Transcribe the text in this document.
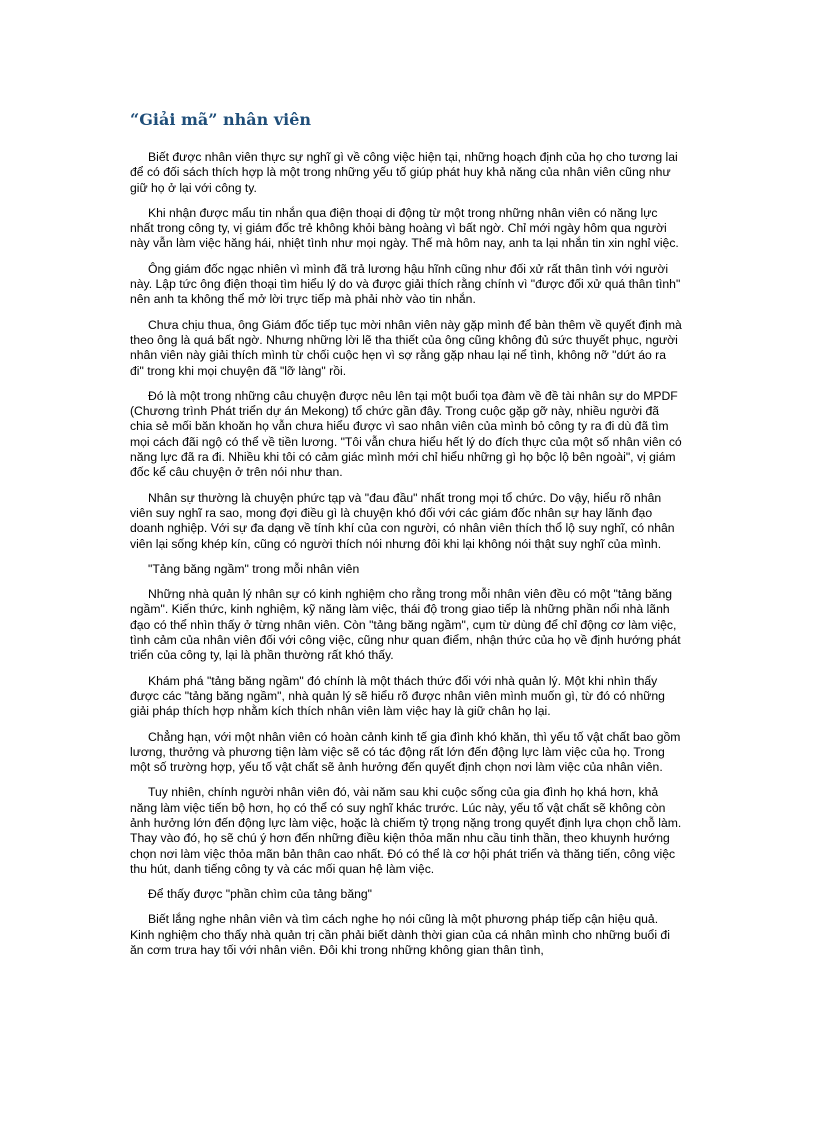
“Giải mã” nhân viên

Biết được nhân viên thực sự nghĩ gì về công việc hiện tại, những hoạch định của họ cho tương lai để có đối sách thích hợp là một trong những yếu tố giúp phát huy khả năng của nhân viên cũng như giữ họ ở lại với công ty.

Khi nhận được mẩu tin nhắn qua điện thoại di động từ một trong những nhân viên có năng lực nhất trong công ty, vị giám đốc trẻ không khỏi bàng hoàng vì bất ngờ. Chỉ mới ngày hôm qua người này vẫn làm việc hăng hái, nhiệt tình như mọi ngày. Thế mà hôm nay, anh ta lại nhắn tin xin nghỉ việc.

Ông giám đốc ngạc nhiên vì mình đã trả lương hậu hĩnh cũng như đối xử rất thân tình với người này. Lập tức ông điện thoại tìm hiểu lý do và được giải thích rằng chính vì "được đối xử quá thân tình" nên anh ta không thể mở lời trực tiếp mà phải nhờ vào tin nhắn.

Chưa chịu thua, ông Giám đốc tiếp tục mời nhân viên này gặp mình để bàn thêm về quyết định mà theo ông là quá bất ngờ. Nhưng những lời lẽ tha thiết của ông cũng không đủ sức thuyết phục, người nhân viên này giải thích mình từ chối cuộc hẹn vì sợ rằng gặp nhau lại nể tình, không nỡ "dứt áo ra đi" trong khi mọi chuyện đã "lỡ làng" rồi.

Đó là một trong những câu chuyện được nêu lên tại một buổi tọa đàm về đề tài nhân sự do MPDF (Chương trình Phát triển dự án Mekong) tổ chức gần đây. Trong cuộc gặp gỡ này, nhiều người đã chia sẻ mối băn khoăn họ vẫn chưa hiểu được vì sao nhân viên của mình bỏ công ty ra đi dù đã tìm mọi cách đãi ngộ có thể về tiền lương. "Tôi vẫn chưa hiểu hết lý do đích thực của một số nhân viên có năng lực đã ra đi. Nhiều khi tôi có cảm giác mình mới chỉ hiểu những gì họ bộc lộ bên ngoài", vị giám đốc kể câu chuyện ở trên nói như than.

Nhân sự thường là chuyện phức tạp và "đau đầu" nhất trong mọi tổ chức. Do vậy, hiểu rõ nhân viên suy nghĩ ra sao, mong đợi điều gì là chuyện khó đối với các giám đốc nhân sự hay lãnh đạo doanh nghiệp. Với sự đa dạng về tính khí của con người, có nhân viên thích thổ lộ suy nghĩ, có nhân viên lại sống khép kín, cũng có người thích nói nhưng đôi khi lại không nói thật suy nghĩ của mình.

"Tảng băng ngầm" trong mỗi nhân viên

Những nhà quản lý nhân sự có kinh nghiệm cho rằng trong mỗi nhân viên đều có một "tảng băng ngầm". Kiến thức, kinh nghiệm, kỹ năng làm việc, thái độ trong giao tiếp là những phần nổi nhà lãnh đạo có thể nhìn thấy ở từng nhân viên. Còn "tảng băng ngầm", cụm từ dùng để chỉ động cơ làm việc, tình cảm của nhân viên đối với công việc, cũng như quan điểm, nhận thức của họ về định hướng phát triển của công ty, lại là phần thường rất khó thấy.

Khám phá "tảng băng ngầm" đó chính là một thách thức đối với nhà quản lý. Một khi nhìn thấy được các "tảng băng ngầm", nhà quản lý sẽ hiểu rõ được nhân viên mình muốn gì, từ đó có những giải pháp thích hợp nhằm kích thích nhân viên làm việc hay là giữ chân họ lại.

Chẳng hạn, với một nhân viên có hoàn cảnh kinh tế gia đình khó khăn, thì yếu tố vật chất bao gồm lương, thưởng và phương tiện làm việc sẽ có tác động rất lớn đến động lực làm việc của họ. Trong một số trường hợp, yếu tố vật chất sẽ ảnh hưởng đến quyết định chọn nơi làm việc của nhân viên.

Tuy nhiên, chính người nhân viên đó, vài năm sau khi cuộc sống của gia đình họ khá hơn, khả năng làm việc tiến bộ hơn, họ có thể có suy nghĩ khác trước. Lúc này, yếu tố vật chất sẽ không còn ảnh hưởng lớn đến động lực làm việc, hoặc là chiếm tỷ trọng nặng trong quyết định lựa chọn chỗ làm. Thay vào đó, họ sẽ chú ý hơn đến những điều kiện thỏa mãn nhu cầu tinh thần, theo khuynh hướng chọn nơi làm việc thỏa mãn bản thân cao nhất. Đó có thể là cơ hội phát triển và thăng tiến, công việc thu hút, danh tiếng công ty và các mối quan hệ làm việc.

Để thấy được "phần chìm của tảng băng"

Biết lắng nghe nhân viên và tìm cách nghe họ nói cũng là một phương pháp tiếp cận hiệu quả. Kinh nghiệm cho thấy nhà quản trị cần phải biết dành thời gian của cá nhân mình cho những buổi đi ăn cơm trưa hay tối với nhân viên. Đôi khi trong những không gian thân tình,
